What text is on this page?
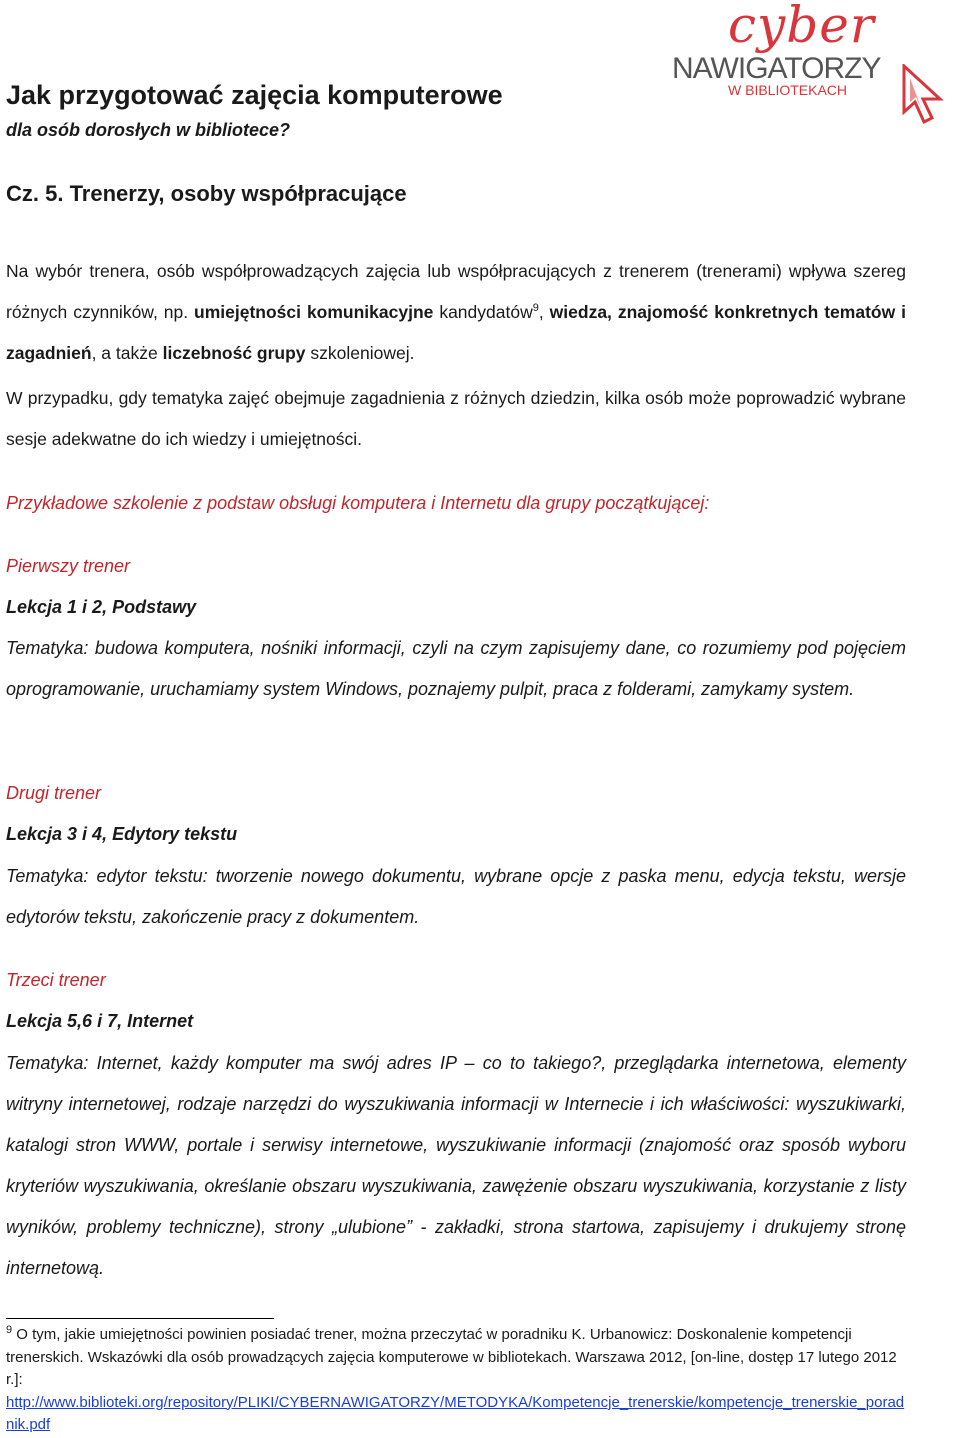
cyber
NAWIGATORZY
W BIBLIOTEKACH
Jak przygotować zajęcia komputerowe
dla osób dorosłych w bibliotece?
Cz. 5. Trenerzy, osoby współpracujące

Na wybór trenera, osób współprowadzących zajęcia lub współpracujących z trenerem (trenerami) wpływa szereg różnych czynników, np. umiejętności komunikacyjne kandydatów$^9$, wiedza, znajomość konkretnych tematów i zagadnień, a także liczebność grupy szkoleniowej.

W przypadku, gdy tematyka zajęć obejmuje zagadnienia z różnych dziedzin, kilka osób może poprowadzić wybrane sesje adekwatne do ich wiedzy i umiejętności.

Przykładowe szkolenie z podstaw obsługi komputera i Internetu dla grupy początkującej:
Pierwszy trener
Lekcja 1 i 2, Podstawy

Tematyka: budowa komputera, nośniki informacji, czyli na czym zapisujemy dane, co rozumiemy pod pojęciem oprogramowanie, uruchamiamy system Windows, poznajemy pulpit, praca z folderami, zamykamy system.

Drugi trener
Lekcja 3 i 4, Edytory tekstu

Tematyka: edytor tekstu: tworzenie nowego dokumentu, wybrane opcje z paska menu, edycja tekstu, wersje edytorów tekstu, zakończenie pracy z dokumentem.

Trzeci trener
Lekcja 5,6 i 7, Internet

Tematyka: Internet, każdy komputer ma swój adres IP – co to takiego?, przeglądarka internetowa, elementy witryny internetowej, rodzaje narzędzi do wyszukiwania informacji w Internecie i ich właściwości: wyszukiwarki, katalogi stron WWW, portale i serwisy internetowe, wyszukiwanie informacji (znajomość oraz sposób wyboru kryteriów wyszukiwania, określanie obszaru wyszukiwania, zawężenie obszaru wyszukiwania, korzystanie z listy wyników, problemy techniczne), strony „ulubione” - zakładki, strona startowa, zapisujemy i drukujemy stronę internetową.

$^9$ O tym, jakie umiejętności powinien posiadać trener, można przeczytać w poradniku K. Urbanowicz: Doskonalenie kompetencji trenerskich. Wskazówki dla osób prowadzących zajęcia komputerowe w bibliotekach. Warszawa 2012, [on-line, dostęp 17 lutego 2012 r.]:
http://www.biblioteki.org/repository/PLIKI/CYBERNAWIGATORZY/METODYKA/Kompetencje_trenerskie/kompetencje_trenerskie_poradnik.pdf
